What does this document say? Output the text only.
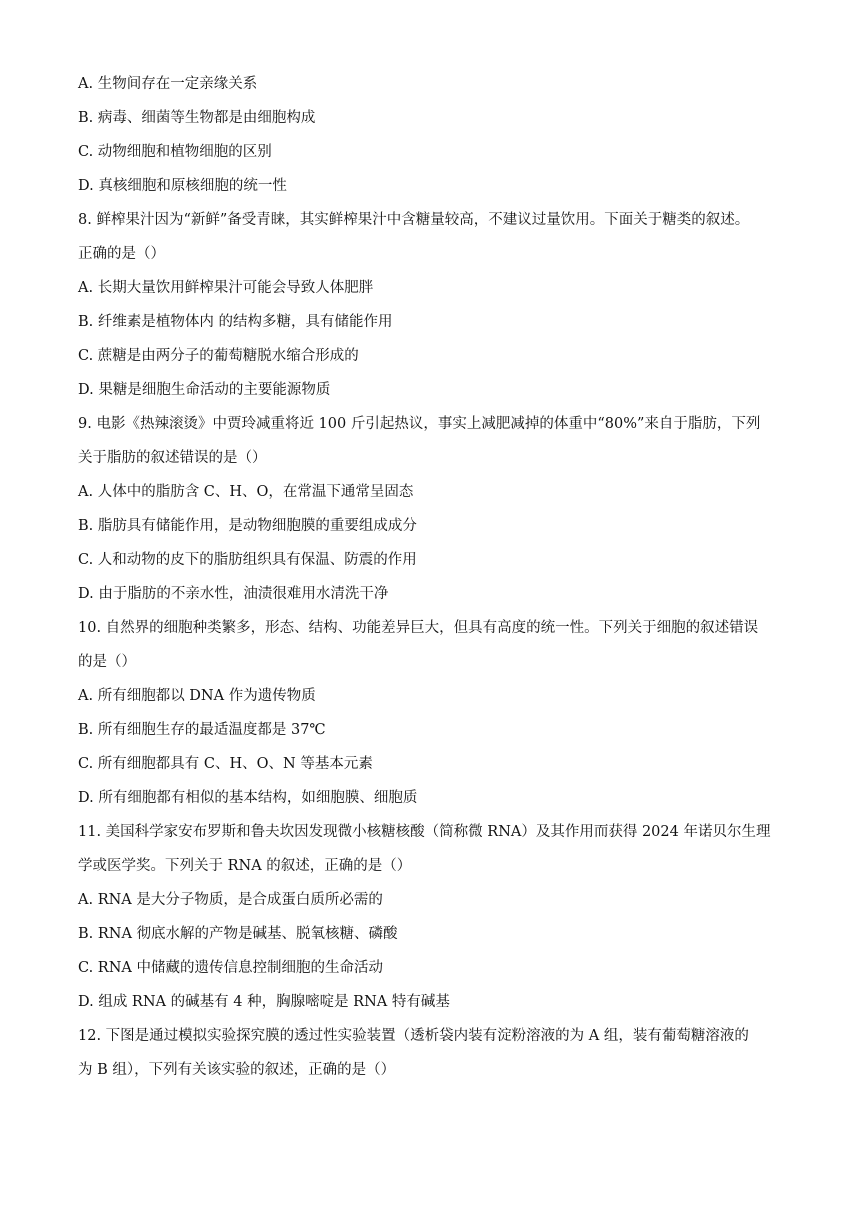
A. 生物间存在一定亲缘关系
B. 病毒、细菌等生物都是由细胞构成
C. 动物细胞和植物细胞的区别
D. 真核细胞和原核细胞的统一性
8. 鲜榨果汁因为“新鲜”备受青睐，其实鲜榨果汁中含糖量较高，不建议过量饮用。下面关于糖类的叙述。
正确的是（）
A. 长期大量饮用鲜榨果汁可能会导致人体肥胖
B. 纤维素是植物体内 的结构多糖，具有储能作用
C. 蔗糖是由两分子的葡萄糖脱水缩合形成的
D. 果糖是细胞生命活动的主要能源物质
9. 电影《热辣滚烫》中贾玲减重将近 100 斤引起热议，事实上减肥减掉的体重中“80%”来自于脂肪，下列
关于脂肪的叙述错误的是（）
A. 人体中的脂肪含 C、H、O，在常温下通常呈固态
B. 脂肪具有储能作用，是动物细胞膜的重要组成成分
C. 人和动物的皮下的脂肪组织具有保温、防震的作用
D. 由于脂肪的不亲水性，油渍很难用水清洗干净
10. 自然界的细胞种类繁多，形态、结构、功能差异巨大，但具有高度的统一性。下列关于细胞的叙述错误
的是（）
A. 所有细胞都以 DNA 作为遗传物质
B. 所有细胞生存的最适温度都是 37℃
C. 所有细胞都具有 C、H、O、N 等基本元素
D. 所有细胞都有相似的基本结构，如细胞膜、细胞质
11. 美国科学家安布罗斯和鲁夫坎因发现微小核糖核酸（简称微 RNA）及其作用而获得 2024 年诺贝尔生理
学或医学奖。下列关于 RNA 的叙述，正确的是（）
A. RNA 是大分子物质，是合成蛋白质所必需的
B. RNA 彻底水解的产物是碱基、脱氧核糖、磷酸
C. RNA 中储藏的遗传信息控制细胞的生命活动
D. 组成 RNA 的碱基有 4 种，胸腺嘧啶是 RNA 特有碱基
12. 下图是通过模拟实验探究膜的透过性实验装置（透析袋内装有淀粉溶液的为 A 组，装有葡萄糖溶液的
为 B 组），下列有关该实验的叙述，正确的是（）
